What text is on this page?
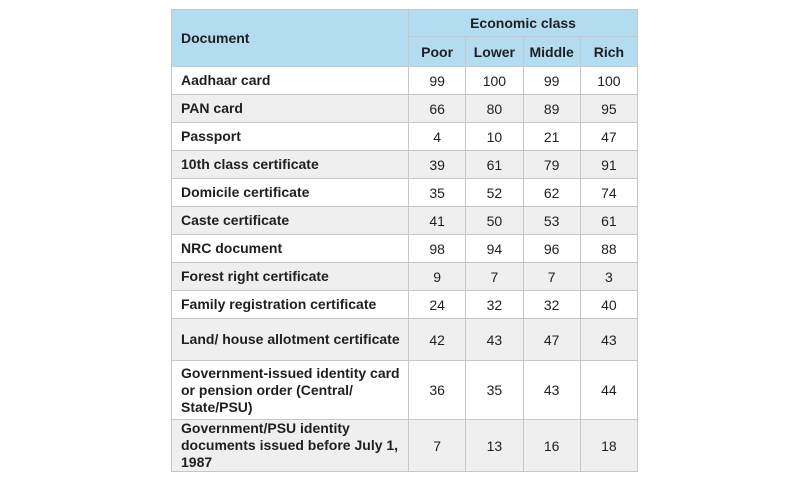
Document	Economic class			
	Poor	Lower	Middle	Rich
Aadhaar card	99	100	99	100
PAN card	66	80	89	95
Passport	4	10	21	47
10th class certificate	39	61	79	91
Domicile certificate	35	52	62	74
Caste certificate	41	50	53	61
NRC document	98	94	96	88
Forest right certificate	9	7	7	3
Family registration certificate	24	32	32	40
Land/ house allotment certificate	42	43	47	43
Government-issued identity card or pension order (Central/ State/PSU)	36	35	43	44
Government/PSU identity documents issued before July 1, 1987	7	13	16	18
